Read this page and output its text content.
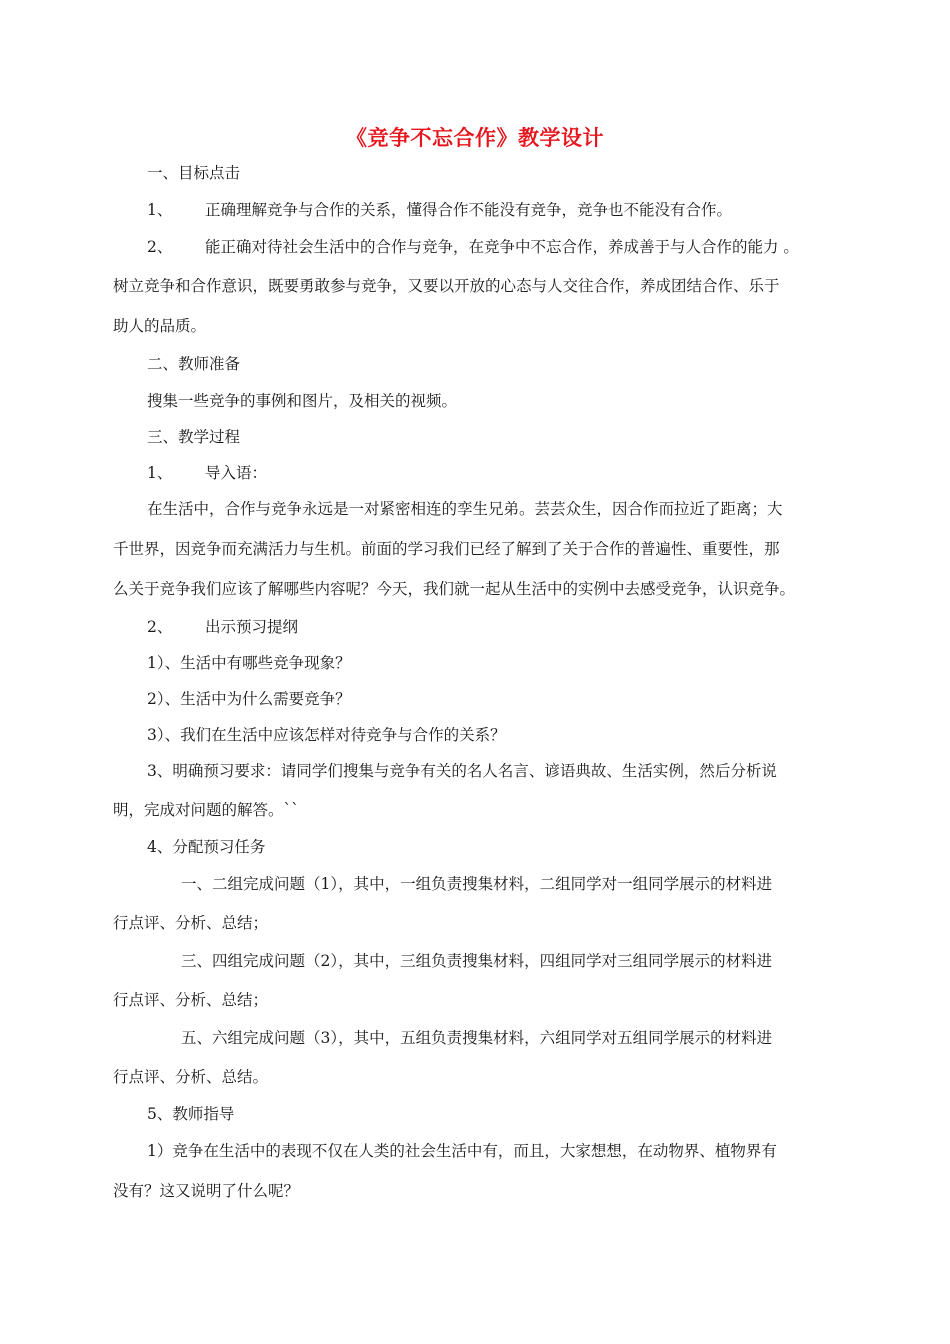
《竞争不忘合作》教学设计
一、目标点击
1、 正确理解竞争与合作的关系，懂得合作不能没有竞争，竞争也不能没有合作。
2、 能正确对待社会生活中的合作与竞争，在竞争中不忘合作，养成善于与人合作的能力 。
树立竞争和合作意识，既要勇敢参与竞争，又要以开放的心态与人交往合作，养成团结合作、乐于
助人的品质。
二、教师准备
搜集一些竞争的事例和图片，及相关的视频。
三、教学过程
1、 导入语：
在生活中，合作与竞争永远是一对紧密相连的孪生兄弟。芸芸众生，因合作而拉近了距离；大
千世界，因竞争而充满活力与生机。前面的学习我们已经了解到了关于合作的普遍性、重要性，那
么关于竞争我们应该了解哪些内容呢？今天，我们就一起从生活中的实例中去感受竞争，认识竞争。
2、 出示预习提纲
1）、生活中有哪些竞争现象？
2）、生活中为什么需要竞争？
3）、我们在生活中应该怎样对待竞争与合作的关系？
3、明确预习要求：请同学们搜集与竞争有关的名人名言、谚语典故、生活实例，然后分析说
明，完成对问题的解答。``
4、分配预习任务
一、二组完成问题（1），其中，一组负责搜集材料，二组同学对一组同学展示的材料进
行点评、分析、总结；
三、四组完成问题（2），其中，三组负责搜集材料，四组同学对三组同学展示的材料进
行点评、分析、总结；
五、六组完成问题（3），其中，五组负责搜集材料，六组同学对五组同学展示的材料进
行点评、分析、总结。
5、教师指导
1）竞争在生活中的表现不仅在人类的社会生活中有，而且，大家想想，在动物界、植物界有
没有？这又说明了什么呢？
